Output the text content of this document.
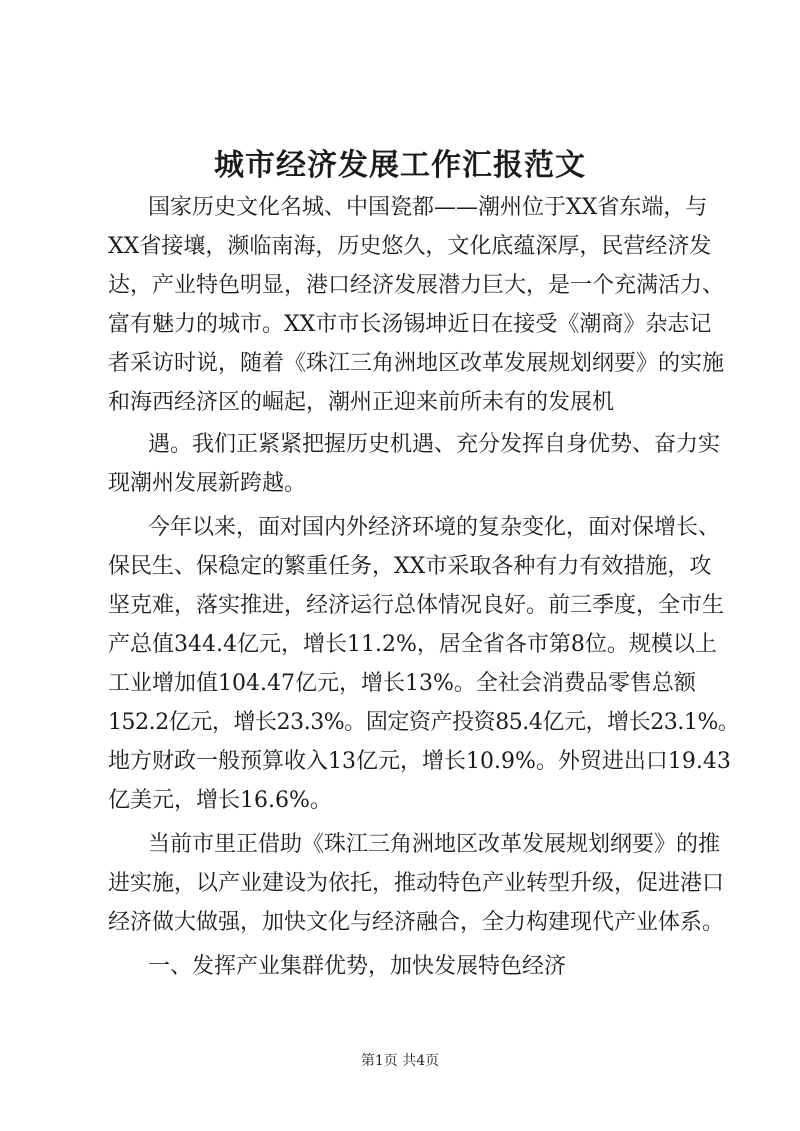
城市经济发展工作汇报范文

国家历史文化名城、中国瓷都——潮州位于XX省东端，与

XX省接壤，濒临南海，历史悠久，文化底蕴深厚，民营经济发

达，产业特色明显，港口经济发展潜力巨大，是一个充满活力、

富有魅力的城市。XX市市长汤锡坤近日在接受《潮商》杂志记

者采访时说，随着《珠江三角洲地区改革发展规划纲要》的实施

和海西经济区的崛起，潮州正迎来前所未有的发展机

遇。我们正紧紧把握历史机遇、充分发挥自身优势、奋力实

现潮州发展新跨越。

今年以来，面对国内外经济环境的复杂变化，面对保增长、

保民生、保稳定的繁重任务，XX市采取各种有力有效措施，攻

坚克难，落实推进，经济运行总体情况良好。前三季度，全市生

产总值344.4亿元，增长11.2%，居全省各市第8位。规模以上

工业增加值104.47亿元，增长13%。全社会消费品零售总额

152.2亿元，增长23.3%。固定资产投资85.4亿元，增长23.1%。

地方财政一般预算收入13亿元，增长10.9%。外贸进出口19.43

亿美元，增长16.6%。

当前市里正借助《珠江三角洲地区改革发展规划纲要》的推

进实施，以产业建设为依托，推动特色产业转型升级，促进港口

经济做大做强，加快文化与经济融合，全力构建现代产业体系。

一、发挥产业集群优势，加快发展特色经济

第1页 共4页
